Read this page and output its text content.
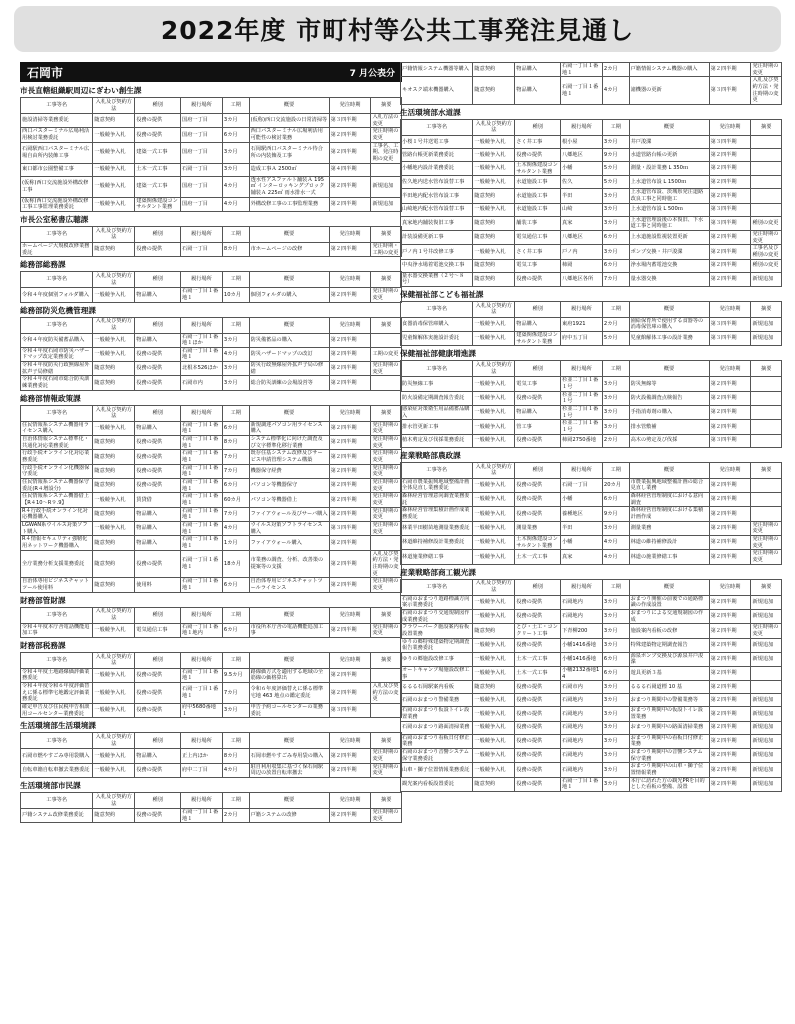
2022年度 市町村等公共工事発注見通し
石岡市	7 月公表分
市長直轄組織駅周辺にぎわい創生課
工事等名	入札及び契約方法	種別	履行場所	工期	概要	発注時期	摘要
施設清掃等業務委託	随意契約	役務の提供	国府一丁目	3カ月	(仮称)西口交流施設の日常清掃等	第３四半期	入札方法の変更
西口バスターミナル広場利活用検討業務委託	一般競争入札	役務の提供	国府一丁目	6カ月	西口バスターミナル広場利活用可能性の検討業務	第２四半期	発注時期の変更
石岡駅西口バスターミナル広場自由所内装飾工事	一般競争入札	建築一式工事	国府一丁目	3カ月	石岡駅西口バスターミナル待合所の内装飾及工事	第２四半期	工事名、工期、発注時期の変更
東口都市公園整備工事	一般競争入札	土木一式工事	石岡一丁目	3カ月	造成工事Ａ 2500㎡	第４四半期	
(仮称)西口交流施設外構改修工事	一般競争入札	建築一式工事	国府一丁目	4カ月	透水性アスファルト舗装Ａ 195㎡ インターロッキングブロック舗装Ａ 225㎡ 雨水排水一式	第２四半期	新規追加
(仮称)西口交流施設外構改修工事工事監理業務委託	一般競争入札	建築関係建設コンサルタント業務	国府一丁目	4カ月	外構改修工事の工事監理業務	第２四半期	新規追加
市長公室秘書広聴課
工事等名	入札及び契約方法	種別	履行場所	工期	概要	発注時期	摘要
ホームページ大規模改修業務委託	随意契約	役務の提供	石岡一丁目	8カ月	市ホームページの改修	第２四半期	発注時期・工期の変更
総務部総務課
工事等名	入札及び契約方法	種別	履行場所	工期	概要	発注時期	摘要
令和４年度個別フォルダ購入	一般競争入札	物品購入	石岡一丁目１番地１	10カ月	個別フォルダの購入	第２四半期	発注時期の変更
総務部防災危機管理課
工事等名	入札及び契約方法	種別	履行場所	工期	概要	発注時期	摘要
令和４年度防災備蓄品購入	一般競争入札	物品購入	石岡一丁目１番地１ほか	3カ月	防災備蓄品の購入	第２四半期	
令和４年度石岡市防災ハザードマップ改定業務委託	一般競争入札	役務の提供	石岡一丁目１番地１	4カ月	防災ハザードマップの改訂	第２四半期	工期の変更
令和４年度防災行政無線屋外拡声子局修繕	随意契約	役務の提供	北根本526ほか	3カ月	防災行政無線屋外拡声子局の修繕	第２四半期	発注時期の変更
令和４年度石岡市総合防災訓練業務委託	随意契約	役務の提供	石岡市内	3カ月	総合防災訓練の会場設営等	第２四半期	
総務部情報政策課
工事等名	入札及び契約方法	種別	履行場所	工期	概要	発注時期	摘要
住民情報系システム機器用ライセンス購入	一般競争入札	物品購入	石岡一丁目１番地１	6カ月	新規調達パソコン用ライセンス購入	第２四半期	発注時期の変更
自治体情報システム標準化・共通化対応業務委託	随意契約	役務の提供	石岡一丁目１番地１	8カ月	システム標準化に向けた調査及び文字標準化移行業務	第２四半期	発注時期の変更
行政手続オンライン化対応業務委託	随意契約	役務の提供	石岡一丁目１番地１	7カ月	既存住基システム改修及びサービス申請管理システム構築	第２四半期	発注時期の変更
行政手続オンライン化機器保守委託	随意契約	役務の提供	石岡一丁目１番地１	7カ月	機器保守経費	第２四半期	発注時期の変更
住民情報系システム機器保守委託(R４増設分)	随意契約	役務の提供	石岡一丁目１番地１	6カ月	パソコン等機器保守	第２四半期	発注時期の変更
住民情報系システム機器借上【R４10～R９.9】	一般競争入札	賃貸借	石岡一丁目１番地１	60カ月	パソコン等機器借上	第２四半期	発注時期の変更
R４行政手続オンライン化対応機器購入	随意契約	物品購入	石岡一丁目１番地１	7カ月	ファイアウォール及びサーバ購入	第２四半期	発注時期の変更
LGWAN系ウイルス対策ソフト購入	一般競争入札	物品購入	石岡一丁目１番地１	4カ月	ウイルス対策ソフトライセンス購入	第３四半期	発注時期の変更
R４情報セキュリティ強靭化用ネットワーク機器購入	随意契約	物品購入	石岡一丁目１番地１	1カ月	ファイアウォール購入	第２四半期	
全庁業務分析支援業務委託	随意契約	役務の提供	石岡一丁目１番地１	18カ月	市業務の調査、分析、改善策の提案等の支援	第２四半期	入札及び契約方法・発注時期の変更
自治体専用ビジネスチャットツール使用料	随意契約	使用料	石岡一丁目１番地１	6カ月	自治体専用ビジネスチャットツールライセンス	第２四半期	発注時期の変更
財務部管財課
工事等名	入札及び契約方法	種別	履行場所	工期	概要	発注時期	摘要
令和４年度本庁舎電話機能追加工事	一般競争入札	電気通信工事	石岡一丁目１番地１地内	6カ月	市役所本庁舎の電話機能追加工事	第２四半期	発注時期の変更
財務部税務課
工事等名	入札及び契約方法	種別	履行場所	工期	概要	発注時期	摘要
令和４年度土地路線価評価業務委託	一般競争入札	役務の提供	石岡一丁目１番地１	9.5カ月	路線価方式を適用する地域の全筋線の価格算出	第２四半期	
令和４年度令和６年度評価替えに係る標準宅地鑑定評価業務委託	一般競争入札	役務の提供	石岡一丁目１番地１	7カ月	令和６年度評価替えに係る標準宅地 463 地点の鑑定委託	第２四半期	入札及び契約方法の変更
確定申告及び住民税申告相談用コールセンター業務委託	一般競争入札	役務の提供	府中5680番地１	3カ月	申告予約コールセンターの業務委託	第３四半期	
生活環境部生活環境課
工事等名	入札及び契約方法	種別	履行場所	工期	概要	発注時期	摘要
石岡市燃やすごみ専用袋購入	一般競争入札	物品購入	正上内ほか	8カ月	石岡市燃やすごみ専用袋の購入	第２四半期	発注時期の変更
自転車籍自転車撤去業務委託	一般競争入札	役務の提供	府中二丁目	4カ月	駐自利用収集に基づく保石岡駅周辺の放置自転車撤去	第２四半期	発注時期の変更
生活環境部市民課
工事等名	入札及び契約方法	種別	履行場所	工期	概要	発注時期	摘要
戸籍システム改修業務委託	随意契約	役務の提供	石岡一丁目１番地１	2カ月	戸籍システムの改修	第２四半期	発注時期の変更
戸籍情報システム機器等購入	随意契約	物品購入	石岡一丁目１番地１	2カ月	戸籍情報システム機器の購入	第２四半期	発注時期の変更
キオスク端末機器購入	随意契約	物品購入	石岡一丁目１番地１	4カ月	諸機器の更新	第３四半期	入札及び契約方法・発注時期の変更
生活環境部水道課
工事等名	入札及び契約方法	種別	履行場所	工期	概要	発注時期	摘要
小桜１号井送電工事	一般競争入札	さく井工事	根小屋	3カ月	井戸浚渫	第３四半期	
管路台帳更新業務委託	一般競争入札	役務の提供	八郷地区	9カ月	水道管路台帳の更新	第２四半期	
小幡地内設計業務委託	一般競争入札	土木関係建設コンサルタント業務	小幡	5カ月	測量・設計業務 L 350ｍ	第２四半期	
佐久地内送水管布設替工事	一般競争入札	水道施設工事	佐久	5カ月	上水道管布設 L 1500ｍ	第２四半期	
半田地内配水管布設工事	随意契約	水道施設工事	半田	3カ月	上水道管布設、茨城県発注道路改良工事と同時施工	第２四半期	
山崎地内配水管布設替工事	一般競争入札	水道施設工事	山崎	3カ月	上水道管布設 L 500ｍ	第３四半期	
真家地内舗装復旧工事	随意契約	舗装工事	真家	3カ月	上水道管埋設後の本復旧、下水道工事と同時施工	第３四半期	種別の変更
計装設備更新工事	随意契約	電気通信工事	八郷地区	6カ月	上水道施設監視装置更新	第２四半期	発注時期の変更
戸ノ内１号井改修工事	一般競争入札	さく井工事	戸ノ内	3カ月	ポンプ交換・井戸浚渫	第２四半期	工事名及び種別の変更
中央浄水場着電池交換工事	随意契約	電気工事	柿岡	6カ月	浄水場内蓄電池交換	第２四半期	種別の変更
量水器交換業務（２号～８号）	随意契約	役務の提供	八郷地区各所	7カ月	量水器交換	第２四半期	新規追加
保健福祉部こども福祉課
工事等名	入札及び契約方法	種別	履行場所	工期	概要	発注時期	摘要
食器消毒保管庫購入	一般競争入札	物品購入	東府1921	2カ月	園給保育所で使用する食器等の消毒保管庫の購入	第３四半期	新規追加
児童館解体実施設計委託	一般競争入札	建築関係建設コンサルタント業務	府中五丁目	5カ月	児童館解体工事の設計業務	第３四半期	新規追加
保健福祉部健康増進課
工事等名	入札及び契約方法	種別	履行場所	工期	概要	発注時期	摘要
防災無線工事	一般競争入札	電気工事	杉並二丁目１番１号	3カ月	防災無線等	第２四半期	
防火設備定期調査報告委託	一般競争入札	役務の提供	杉並二丁目１番１号	3カ月	防火設備調査点検報告	第２四半期	
感染症対策衛生用品備蓄品購入	一般競争入札	物品購入	杉並二丁目１番１号	3カ月	手指消毒剤の購入	第２四半期	
排水管更新工事	一般競争入札	管工事	杉並二丁目１番１号	3カ月	排水管敷補	第２四半期	
植木剪定及び伐採業務委託	一般競争入札	役務の提供	柿岡2750番地	2カ月	高木の剪定及び伐採	第３四半期	
産業戦略部農政課
工事等名	入札及び契約方法	種別	履行場所	工期	概要	発注時期	摘要
石岡市農業振興地域整備計画全体見直し業務委託	一般競争入札	役務の提供	石岡一丁目	20カ月	市農業振興地域整備計画の総合見直し業務	第２四半期	
森林経営管理意向調査業務委託	一般競争入札	役務の提供	小幡	6カ月	森林経営管理制度における意向調査	第２四半期	
森林経営管理集積計画作成業務委託	一般競争入札	役務の提供	養種地区	9カ月	森林経営管理制度における集積計画作成	第２四半期	
林業半田樹苗地測量業務委託	一般競争入札	測量業務	半田	3カ月	測量業務	第２四半期	発注時期の変更
林道維持補修設計業務委託	一般競争入札	土木関係建設コンサルタント業務	小幡	4カ月	林道の維持補修設計	第２四半期	発注時期の変更
林道施業修繕工事	一般競争入札	土木一式工事	真家	4カ月	林道の施業修繕工事	第２四半期	発注時期の変更
産業戦略部商工観光課
工事等名	入札及び契約方法	種別	履行場所	工期	概要	発注時期	摘要
石岡のおまつり遊路標識方向案示業務委託	一般競争入札	役務の提供	石岡地内	3カ月	おまつり開催の前後での通路標識の作成設置	第２四半期	新規追加
石岡のおまつり交通規制図作成業務委託	一般競争入札	役務の提供	石岡地内	3カ月	おまつりによる交通規制図の作成	第２四半期	新規追加
フラワーパーク施設案内看板設置業務	随意契約	とび・土工・コンクリート工事	下青柳200	3カ月	施設案内看板の改修	第２四半期	発注時期の変更
ゆりの郷特殊建築物定期調査報告業務委託	一般競争入札	役務の提供	小幡1416番地	3カ月	特殊建築物定期調査報告	第２四半期	新規追加
ゆりの郷施設改修工事	一般競争入札	土木一式工事	小幡1416番地	6カ月	源泉ポンプ交換及び源泉井戸浚渫	第２四半期	新規追加
オートキャンプ場施設改修工事	一般競争入札	土木一式工事	小幡2132番地14	6カ月	遊具更新３基	第２四半期	
るるる石岡駅案内看板	随意契約	役務の提供	石岡市内	3カ月	るるる石岡道標 10 基	第２四半期	
石岡のおまつり警備業務	一般競争入札	役務の提供	石岡地内	3カ月	おまつり期間中の警備業務等	第２四半期	新規追加
石岡のおまつり仮設トイレ設置業務	一般競争入札	役務の提供	石岡地内	3カ月	おまつり期間中の仮設トイレ設置業務	第２四半期	新規追加
石岡のおまつり路面清掃業務	一般競争入札	役務の提供	石岡地内	3カ月	おまつり期間中の路面清掃業務	第２四半期	新規追加
石岡のおまつり看板日付修正業務	一般競争入札	役務の提供	石岡地内	3カ月	おまつり期間中の看板日付修正業務	第２四半期	新規追加
石岡のおまつり音響システム保守業務委託	一般競争入札	役務の提供	石岡地内	3カ月	おまつり期間中の音響システム保守業務	第２四半期	新規追加
山車・獅子位置情報業務委託	一般競争入札	役務の提供	石岡地内	3カ月	おまつり期間中の山車・獅子位置情報業務	第２四半期	新規追加
観光案内看板設置委託	随意契約	役務の提供	石岡一丁目１番地１	3カ月	本庁に訪れた方の観光PRを目的とした看板の整備、設置	第２四半期	新規追加
